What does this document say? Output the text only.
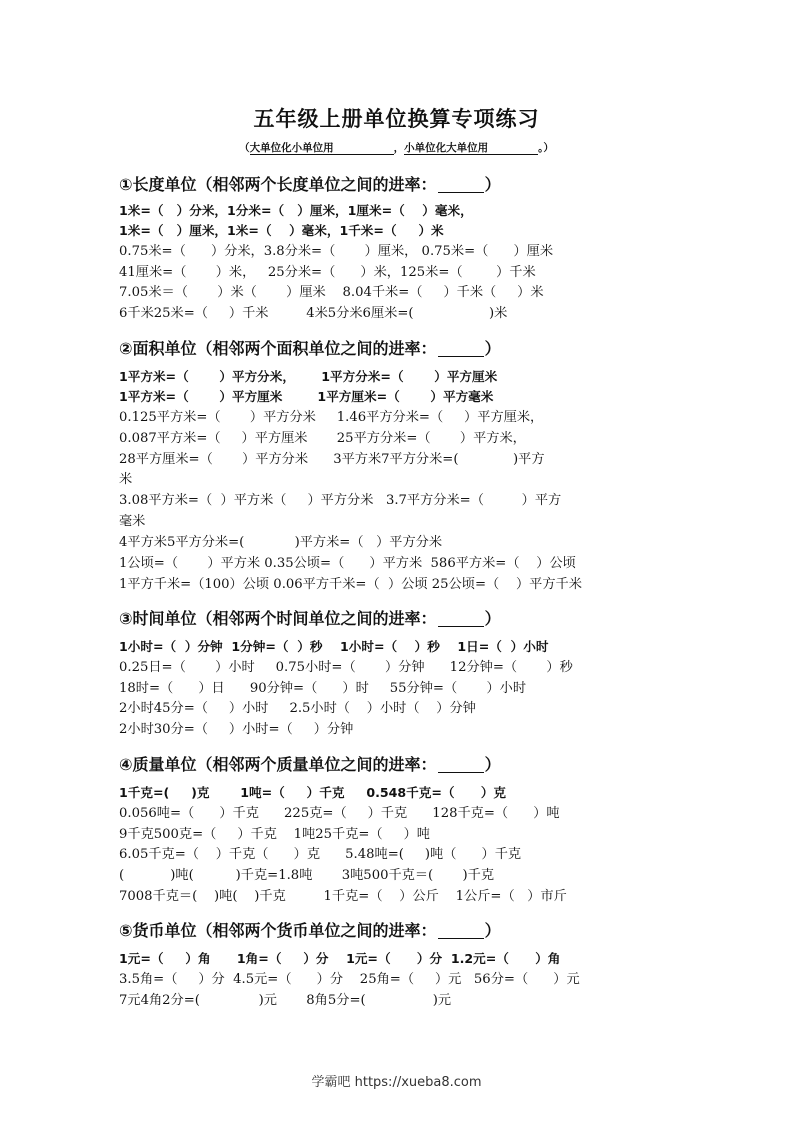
五年级上册单位换算专项练习
（大单位化小单位用	，小单位化大单位用	。）
①长度单位（相邻两个长度单位之间的进率：	）
1米=（   ）分米，1分米=（   ）厘米，1厘米=（    ）毫米，
1米=（   ）厘米，1米=（    ）毫米，1千米=（     ）米
0.75米=（      ）分米，3.8分米=（       ）厘米， 0.75米=（      ）厘米
41厘米=（       ）米，   25分米=（      ）米，125米=（        ）千米
7.05米＝（       ）米（       ）厘米    8.04千米=（     ）千米（     ）米
6千米25米=（     ）千米         4米5分米6厘米=(                  )米
②面积单位（相邻两个面积单位之间的进率：	）
1平方米=（       ）平方分米，      1平方分米=（       ）平方厘米
1平方米=（       ）平方厘米        1平方厘米=（       ）平方毫米
0.125平方米=（       ）平方分米     1.46平方分米=（     ）平方厘米，
0.087平方米=（     ）平方厘米       25平方分米=（       ）平方米，
28平方厘米=（       ）平方分米      3平方米7平方分米=(             )平方
米
3.08平方米=（  ）平方米（     ）平方分米   3.7平方分米=（         ）平方
毫米
4平方米5平方分米=(            )平方米=（   ）平方分米
1公顷=（       ）平方米 0.35公顷=（      ）平方米  586平方米=（    ）公顷
1平方千米=（100）公顷 0.06平方千米=（  ）公顷 25公顷=（    ）平方千米
③时间单位（相邻两个时间单位之间的进率：	）
1小时=（  ）分钟  1分钟=（  ）秒    1小时=（    ）秒    1日=（  ）小时
0.25日=（       ）小时     0.75小时=（       ）分钟      12分钟=（       ）秒
18时=（      ）日      90分钟=（      ）时     55分钟=（       ）小时
2小时45分=（     ）小时     2.5小时（    ）小时（    ）分钟
2小时30分=（     ）小时=（     ）分钟
④质量单位（相邻两个质量单位之间的进率：	）
1千克=(     )克       1吨=（     ）千克     0.548千克=（      ）克
0.056吨=（      ）千克      225克=（     ）千克      128千克=（      ）吨
9千克500克=（     ）千克    1吨25千克=（     ）吨
6.05千克=（    ）千克（      ）克      5.48吨=(     )吨（      ）千克
(           )吨(          )千克=1.8吨       3吨500千克＝(       )千克
7008千克＝(    )吨(    )千克         1千克=（    ）公斤    1公斤=（   ）市斤
⑤货币单位（相邻两个货币单位之间的进率：	）
1元=（     ）角      1角=（     ）分    1元=（      ）分  1.2元=（      ）角
3.5角=（     ）分  4.5元=（      ）分    25角=（     ）元   56分=（      ）元
7元4角2分=(              )元       8角5分=(                )元
学霸吧 https://xueba8.com
